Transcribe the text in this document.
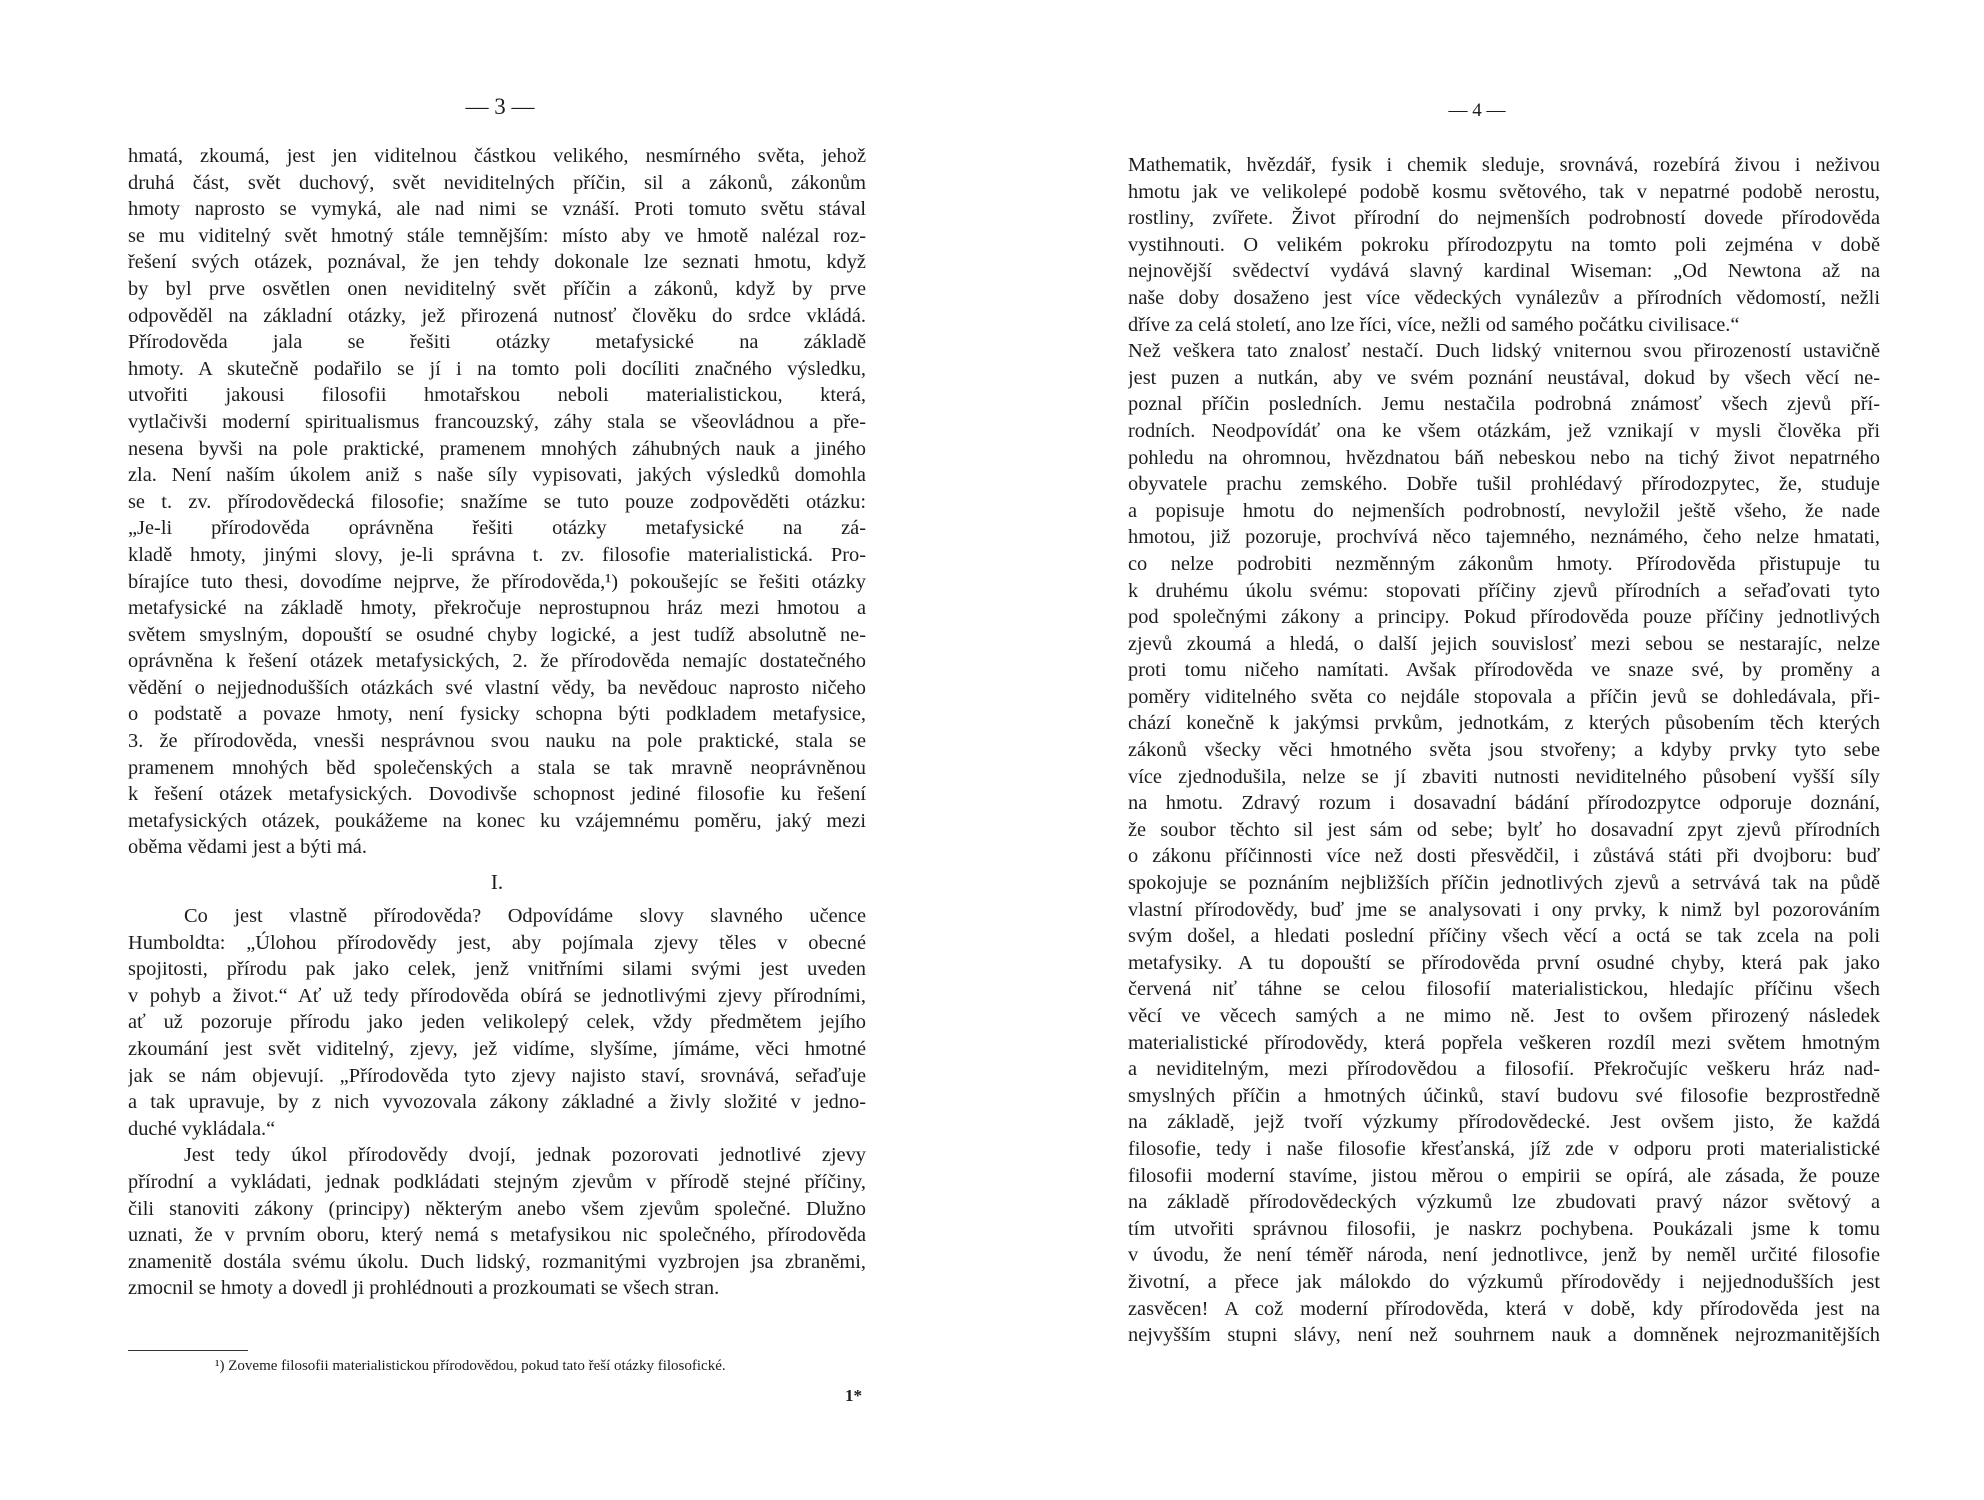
— 3 —
hmatá, zkoumá, jest jen viditelnou částkou velikého, nesmírného světa, jehož
druhá část, svět duchový, svět neviditelných příčin, sil a zákonů, zákonům
hmoty naprosto se vymyká, ale nad nimi se vznáší. Proti tomuto světu stával
se mu viditelný svět hmotný stále temnějším: místo aby ve hmotě nalézal roz-
řešení svých otázek, poznával, že jen tehdy dokonale lze seznati hmotu, když
by byl prve osvětlen onen neviditelný svět příčin a zákonů, když by prve
odpověděl na základní otázky, jež přirozená nutnosť člověku do srdce vkládá.
Přírodověda jala se řešiti otázky metafysické na základě
hmoty. A skutečně podařilo se jí i na tomto poli docíliti značného výsledku,
utvořiti jakousi filosofii hmotařskou neboli materialistickou, která,
vytlačivši moderní spiritualismus francouzský, záhy stala se všeovládnou a pře-
nesena byvši na pole praktické, pramenem mnohých záhubných nauk a jiného
zla. Není naším úkolem aniž s naše síly vypisovati, jakých výsledků domohla
se t. zv. přírodovědecká filosofie; snažíme se tuto pouze zodpověděti otázku:
„Je-li přírodověda oprávněna řešiti otázky metafysické na zá-
kladě hmoty, jinými slovy, je-li správna t. zv. filosofie materialistická. Pro-
bírajíce tuto thesi, dovodíme nejprve, že přírodověda,¹) pokoušejíc se řešiti otázky
metafysické na základě hmoty, překročuje neprostupnou hráz mezi hmotou a
světem smyslným, dopouští se osudné chyby logické, a jest tudíž absolutně ne-
oprávněna k řešení otázek metafysických, 2. že přírodověda nemajíc dostatečného
vědění o nejjednodušších otázkách své vlastní vědy, ba nevědouc naprosto ničeho
o podstatě a povaze hmoty, není fysicky schopna býti podkladem metafysice,
3. že přírodověda, vnesši nesprávnou svou nauku na pole praktické, stala se
pramenem mnohých běd společenských a stala se tak mravně neoprávněnou
k řešení otázek metafysických. Dovodivše schopnost jediné filosofie ku řešení
metafysických otázek, poukážeme na konec ku vzájemnému poměru, jaký mezi
oběma vědami jest a býti má.
I.
Co jest vlastně přírodověda? Odpovídáme slovy slavného učence
Humboldta: „Úlohou přírodovědy jest, aby pojímala zjevy těles v obecné
spojitosti, přírodu pak jako celek, jenž vnitřními silami svými jest uveden
v pohyb a život.“ Ať už tedy přírodověda obírá se jednotlivými zjevy přírodními,
ať už pozoruje přírodu jako jeden velikolepý celek, vždy předmětem jejího
zkoumání jest svět viditelný, zjevy, jež vidíme, slyšíme, jímáme, věci hmotné
jak se nám objevují. „Přírodověda tyto zjevy najisto staví, srovnává, seřaďuje
a tak upravuje, by z nich vyvozovala zákony základné a živly složité v jedno-
duché vykládala.“
Jest tedy úkol přírodovědy dvojí, jednak pozorovati jednotlivé zjevy
přírodní a vykládati, jednak podkládati stejným zjevům v přírodě stejné příčiny,
čili stanoviti zákony (principy) některým anebo všem zjevům společné. Dlužno
uznati, že v prvním oboru, který nemá s metafysikou nic společného, přírodověda
znamenitě dostála svému úkolu. Duch lidský, rozmanitými vyzbrojen jsa zbraněmi,
zmocnil se hmoty a dovedl ji prohlédnouti a prozkoumati se všech stran.
¹) Zoveme filosofii materialistickou přírodovědou, pokud tato řeší otázky filosofické.
1*
— 4 —
Mathematik, hvězdář, fysik i chemik sleduje, srovnává, rozebírá živou i neživou
hmotu jak ve velikolepé podobě kosmu světového, tak v nepatrné podobě nerostu,
rostliny, zvířete. Život přírodní do nejmenších podrobností dovede přírodověda
vystihnouti. O velikém pokroku přírodozpytu na tomto poli zejména v době
nejnovější svědectví vydává slavný kardinal Wiseman: „Od Newtona až na
naše doby dosaženo jest více vědeckých vynálezův a přírodních vědomostí, nežli
dříve za celá století, ano lze říci, více, nežli od samého počátku civilisace.“
Než veškera tato znalosť nestačí. Duch lidský vniternou svou přirozeností ustavičně
jest puzen a nutkán, aby ve svém poznání neustával, dokud by všech věcí ne-
poznal příčin posledních. Jemu nestačila podrobná známosť všech zjevů pří-
rodních. Neodpovídáť ona ke všem otázkám, jež vznikají v mysli člověka při
pohledu na ohromnou, hvězdnatou báň nebeskou nebo na tichý život nepatrného
obyvatele prachu zemského. Dobře tušil prohlédavý přírodozpytec, že, studuje
a popisuje hmotu do nejmenších podrobností, nevyložil ještě všeho, že nade
hmotou, již pozoruje, prochvívá něco tajemného, neznámého, čeho nelze hmatati,
co nelze podrobiti nezměnným zákonům hmoty. Přírodověda přistupuje tu
k druhému úkolu svému: stopovati příčiny zjevů přírodních a seřaďovati tyto
pod společnými zákony a principy. Pokud přírodověda pouze příčiny jednotlivých
zjevů zkoumá a hledá, o další jejich souvislosť mezi sebou se nestarajíc, nelze
proti tomu ničeho namítati. Avšak přírodověda ve snaze své, by proměny a
poměry viditelného světa co nejdále stopovala a příčin jevů se dohledávala, při-
chází konečně k jakýmsi prvkům, jednotkám, z kterých působením těch kterých
zákonů všecky věci hmotného světa jsou stvořeny; a kdyby prvky tyto sebe
více zjednodušila, nelze se jí zbaviti nutnosti neviditelného působení vyšší síly
na hmotu. Zdravý rozum i dosavadní bádání přírodozpytce odporuje doznání,
že soubor těchto sil jest sám od sebe; bylť ho dosavadní zpyt zjevů přírodních
o zákonu příčinnosti více než dosti přesvědčil, i zůstává státi při dvojboru: buď
spokojuje se poznáním nejbližších příčin jednotlivých zjevů a setrvává tak na půdě
vlastní přírodovědy, buď jme se analysovati i ony prvky, k nimž byl pozorováním
svým došel, a hledati poslední příčiny všech věcí a octá se tak zcela na poli
metafysiky. A tu dopouští se přírodověda první osudné chyby, která pak jako
červená niť táhne se celou filosofií materialistickou, hledajíc příčinu všech
věcí ve věcech samých a ne mimo ně. Jest to ovšem přirozený následek
materialistické přírodovědy, která popřela veškeren rozdíl mezi světem hmotným
a neviditelným, mezi přírodovědou a filosofií. Překročujíc veškeru hráz nad-
smyslných příčin a hmotných účinků, staví budovu své filosofie bezprostředně
na základě, jejž tvoří výzkumy přírodovědecké. Jest ovšem jisto, že každá
filosofie, tedy i naše filosofie křesťanská, jíž zde v odporu proti materialistické
filosofii moderní stavíme, jistou měrou o empirii se opírá, ale zásada, že pouze
na základě přírodovědeckých výzkumů lze zbudovati pravý názor světový a
tím utvořiti správnou filosofii, je naskrz pochybena. Poukázali jsme k tomu
v úvodu, že není téměř národa, není jednotlivce, jenž by neměl určité filosofie
životní, a přece jak málokdo do výzkumů přírodovědy i nejjednodušších jest
zasvěcen! A což moderní přírodověda, která v době, kdy přírodověda jest na
nejvyšším stupni slávy, není než souhrnem nauk a domněnek nejrozmanitějších
